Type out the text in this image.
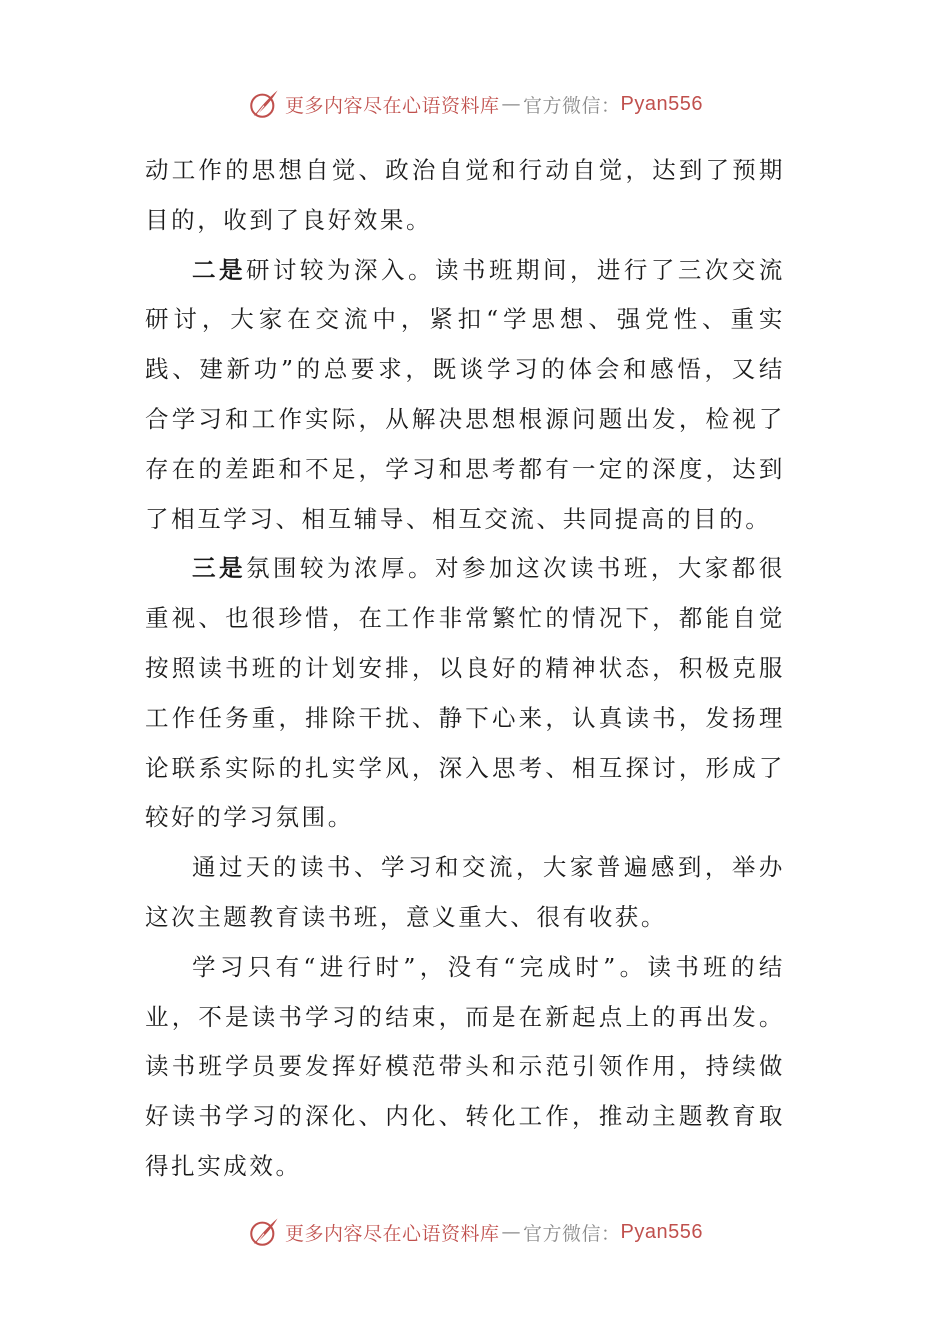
更多内容尽在心语资料库 — 官方微信： Pyan556

动工作的思想自觉、政治自觉和行动自觉，达到了预期目的，收到了良好效果。

二是研讨较为深入。读书班期间，进行了三次交流研讨，大家在交流中，紧扣“学思想、强党性、重实践、建新功”的总要求，既谈学习的体会和感悟，又结合学习和工作实际，从解决思想根源问题出发，检视了存在的差距和不足，学习和思考都有一定的深度，达到了相互学习、相互辅导、相互交流、共同提高的目的。

三是氛围较为浓厚。对参加这次读书班，大家都很重视、也很珍惜，在工作非常繁忙的情况下，都能自觉按照读书班的计划安排，以良好的精神状态，积极克服工作任务重，排除干扰、静下心来，认真读书，发扬理论联系实际的扎实学风，深入思考、相互探讨，形成了较好的学习氛围。

通过天的读书、学习和交流，大家普遍感到，举办这次主题教育读书班，意义重大、很有收获。

学习只有“进行时”，没有“完成时”。读书班的结业，不是读书学习的结束，而是在新起点上的再出发。读书班学员要发挥好模范带头和示范引领作用，持续做好读书学习的深化、内化、转化工作，推动主题教育取得扎实成效。

更多内容尽在心语资料库 — 官方微信： Pyan556
